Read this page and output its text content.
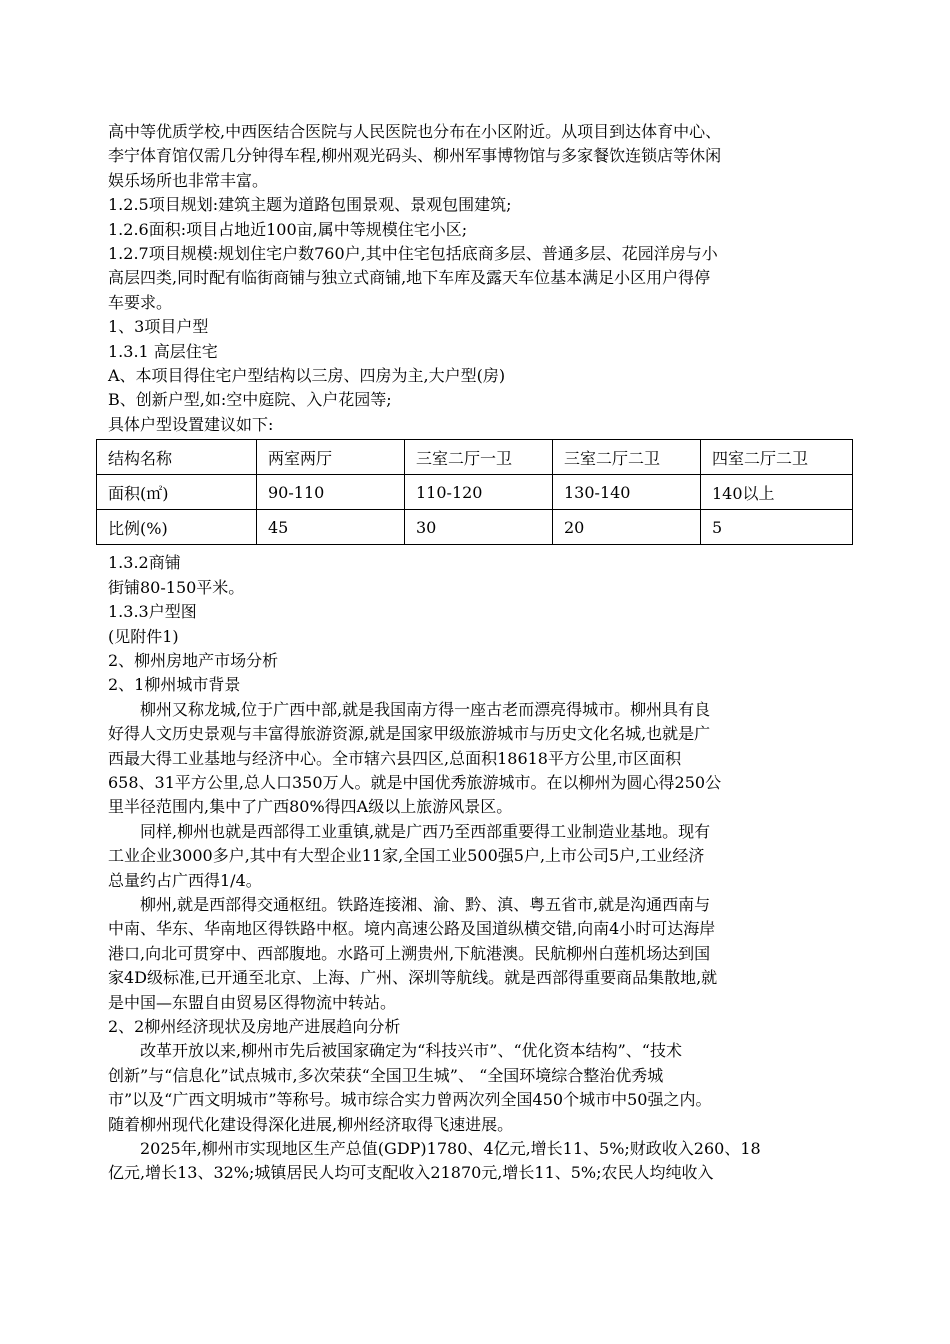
高中等优质学校,中西医结合医院与人民医院也分布在小区附近。从项目到达体育中心、

李宁体育馆仅需几分钟得车程,柳州观光码头、柳州军事博物馆与多家餐饮连锁店等休闲

娱乐场所也非常丰富。

1.2.5项目规划:建筑主题为道路包围景观、景观包围建筑;

1.2.6面积:项目占地近100亩,属中等规模住宅小区;

1.2.7项目规模:规划住宅户数760户,其中住宅包括底商多层、普通多层、花园洋房与小

高层四类,同时配有临街商铺与独立式商铺,地下车库及露天车位基本满足小区用户得停

车要求。

1、3项目户型

1.3.1 高层住宅

A、本项目得住宅户型结构以三房、四房为主,大户型(房)

B、创新户型,如:空中庭院、入户花园等;

具体户型设置建议如下:

结构名称	两室两厅	三室二厅一卫	三室二厅二卫	四室二厅二卫
面积(㎡)	90-110	110-120	130-140	140以上
比例(%)	45	30	20	5

1.3.2商铺

街铺80-150平米。

1.3.3户型图

(见附件1)

2、柳州房地产市场分析

2、1柳州城市背景

柳州又称龙城,位于广西中部,就是我国南方得一座古老而漂亮得城市。柳州具有良

好得人文历史景观与丰富得旅游资源,就是国家甲级旅游城市与历史文化名城,也就是广

西最大得工业基地与经济中心。全市辖六县四区,总面积18618平方公里,市区面积

658、31平方公里,总人口350万人。就是中国优秀旅游城市。在以柳州为圆心得250公

里半径范围内,集中了广西80%得四A级以上旅游风景区。

同样,柳州也就是西部得工业重镇,就是广西乃至西部重要得工业制造业基地。现有

工业企业3000多户,其中有大型企业11家,全国工业500强5户,上市公司5户,工业经济

总量约占广西得1/4。

柳州,就是西部得交通枢纽。铁路连接湘、渝、黔、滇、粤五省市,就是沟通西南与

中南、华东、华南地区得铁路中枢。境内高速公路及国道纵横交错,向南4小时可达海岸

港口,向北可贯穿中、西部腹地。水路可上溯贵州,下航港澳。民航柳州白莲机场达到国

家4D级标准,已开通至北京、上海、广州、深圳等航线。就是西部得重要商品集散地,就

是中国—东盟自由贸易区得物流中转站。

2、2柳州经济现状及房地产进展趋向分析

改革开放以来,柳州市先后被国家确定为“科技兴市”、“优化资本结构”、“技术

创新”与“信息化”试点城市,多次荣获“全国卫生城”、 “全国环境综合整治优秀城

市”以及“广西文明城市”等称号。城市综合实力曾两次列全国450个城市中50强之内。

随着柳州现代化建设得深化进展,柳州经济取得飞速进展。

2025年,柳州市实现地区生产总值(GDP)1780、4亿元,增长11、5%;财政收入260、18

亿元,增长13、32%;城镇居民人均可支配收入21870元,增长11、5%;农民人均纯收入
